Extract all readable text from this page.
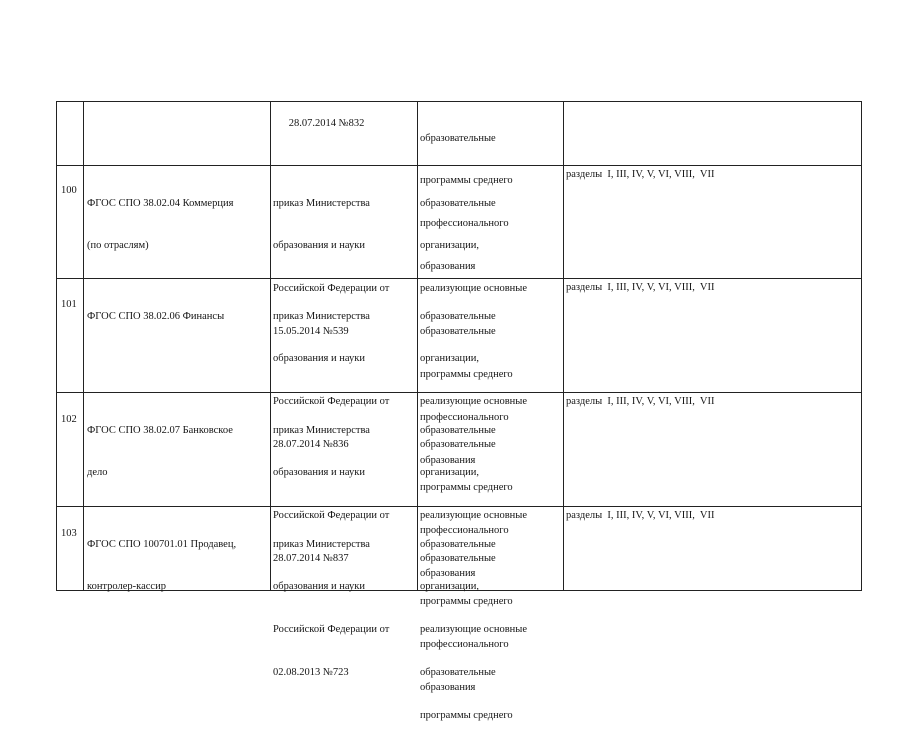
28.07.2014 №832

образовательные

программы среднего

профессионального

образования

100

ФГОС СПО 38.02.04 Коммерция

(по отраслям)

приказ Министерства

образования и науки

Российской Федерации от

15.05.2014 №539

образовательные

организации,

реализующие основные

образовательные

программы среднего

профессионального

образования

разделы  I, III, IV, V, VI, VIII,  VII
101

ФГОС СПО 38.02.06 Финансы

	приказ Министерства

образования и науки

Российской Федерации от

28.07.2014 №836

образовательные

организации,

реализующие основные

образовательные

программы среднего

профессионального

образования

разделы  I, III, IV, V, VI, VIII,  VII
102

ФГОС СПО 38.02.07 Банковское

дело

приказ Министерства

образования и науки

Российской Федерации от

28.07.2014 №837

образовательные

организации,

реализующие основные

образовательные

программы среднего

профессионального

образования

разделы  I, III, IV, V, VI, VIII,  VII
103

ФГОС СПО 100701.01 Продавец,

контролер-кассир

приказ Министерства

образования и науки

Российской Федерации от

02.08.2013 №723

образовательные

организации,

реализующие основные

образовательные

программы среднего

разделы  I, III, IV, V, VI, VIII,  VII
